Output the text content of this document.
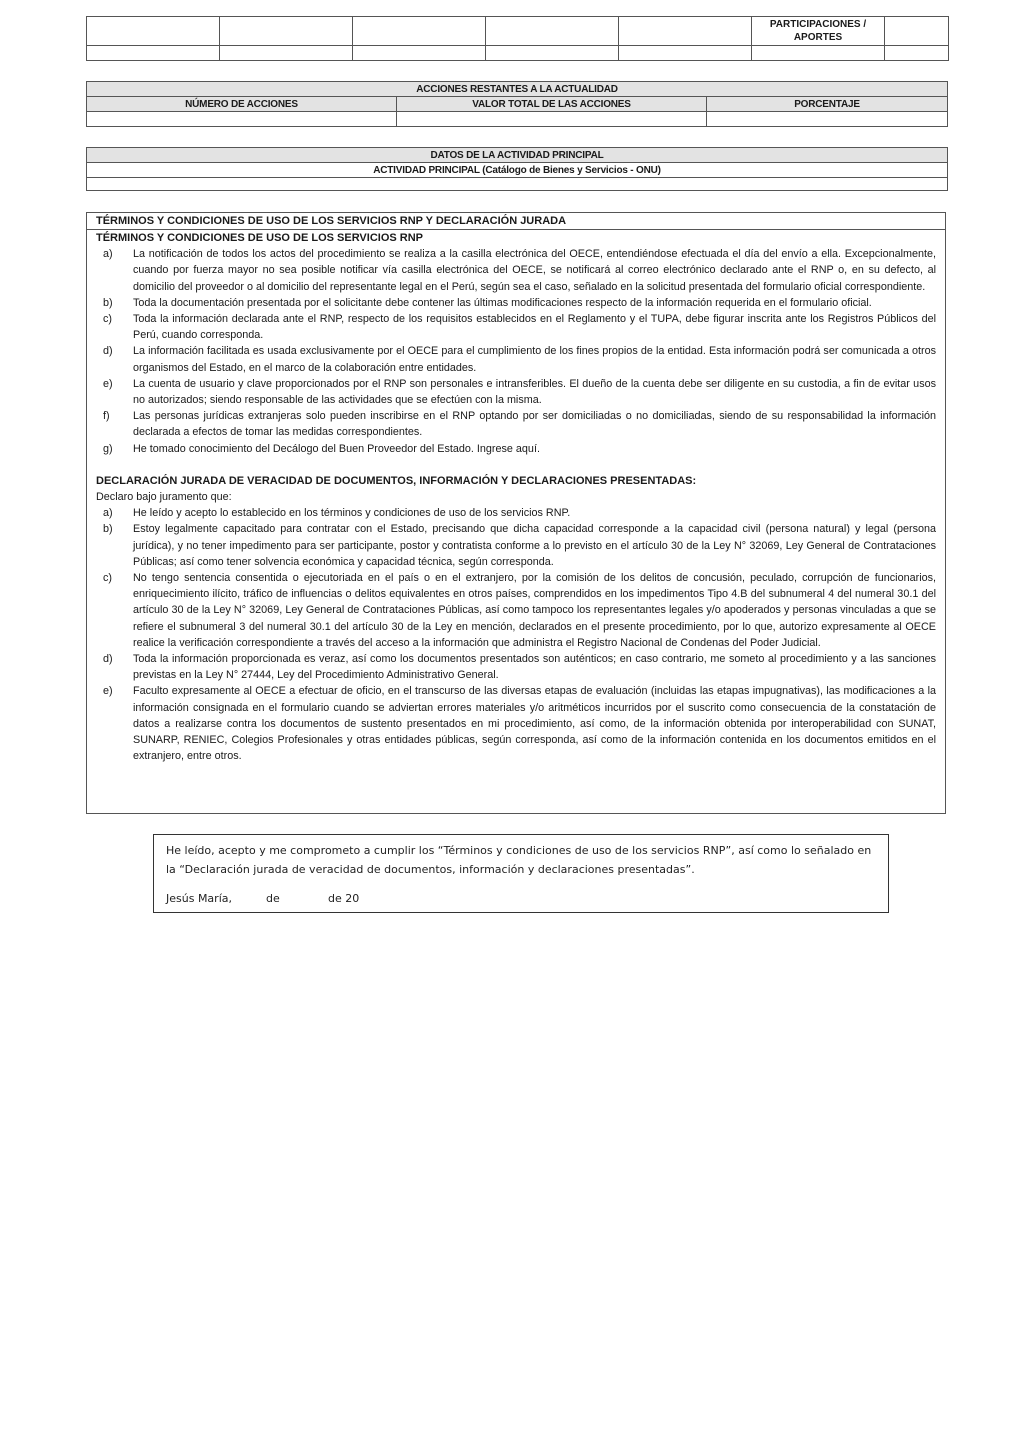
					PARTICIPACIONES / APORTES	

ACCIONES RESTANTES A LA ACTUALIDAD		
NÚMERO DE ACCIONES	VALOR TOTAL DE LAS ACCIONES	PORCENTAJE

DATOS DE LA ACTIVIDAD PRINCIPAL
ACTIVIDAD PRINCIPAL (Catálogo de Bienes y Servicios - ONU)

TÉRMINOS Y CONDICIONES DE USO DE LOS SERVICIOS RNP Y DECLARACIÓN JURADA
TÉRMINOS Y CONDICIONES DE USO DE LOS SERVICIOS RNP
a)	La notificación de todos los actos del procedimiento se realiza a la casilla electrónica del OECE, entendiéndose efectuada el día del envío a ella. Excepcionalmente, cuando por fuerza mayor no sea posible notificar vía casilla electrónica del OECE, se notificará al correo electrónico declarado ante el RNP o, en su defecto, al domicilio del proveedor o al domicilio del representante legal en el Perú, según sea el caso, señalado en la solicitud presentada del formulario oficial correspondiente.
b)	Toda la documentación presentada por el solicitante debe contener las últimas modificaciones respecto de la información requerida en el formulario oficial.
c)	Toda la información declarada ante el RNP, respecto de los requisitos establecidos en el Reglamento y el TUPA, debe figurar inscrita ante los Registros Públicos del Perú, cuando corresponda.
d)	La información facilitada es usada exclusivamente por el OECE para el cumplimiento de los fines propios de la entidad. Esta información podrá ser comunicada a otros organismos del Estado, en el marco de la colaboración entre entidades.
e)	La cuenta de usuario y clave proporcionados por el RNP son personales e intransferibles. El dueño de la cuenta debe ser diligente en su custodia, a fin de evitar usos no autorizados; siendo responsable de las actividades que se efectúen con la misma.
f)	Las personas jurídicas extranjeras solo pueden inscribirse en el RNP optando por ser domiciliadas o no domiciliadas, siendo de su responsabilidad la información declarada a efectos de tomar las medidas correspondientes.
g)	He tomado conocimiento del Decálogo del Buen Proveedor del Estado. Ingrese aquí.
DECLARACIÓN JURADA DE VERACIDAD DE DOCUMENTOS, INFORMACIÓN Y DECLARACIONES PRESENTADAS:
Declaro bajo juramento que:
a)	He leído y acepto lo establecido en los términos y condiciones de uso de los servicios RNP.
b)	Estoy legalmente capacitado para contratar con el Estado, precisando que dicha capacidad corresponde a la capacidad civil (persona natural) y legal (persona jurídica), y no tener impedimento para ser participante, postor y contratista conforme a lo previsto en el artículo 30 de la Ley N° 32069, Ley General de Contrataciones Públicas; así como tener solvencia económica y capacidad técnica, según corresponda.
c)	No tengo sentencia consentida o ejecutoriada en el país o en el extranjero, por la comisión de los delitos de concusión, peculado, corrupción de funcionarios, enriquecimiento ilícito, tráfico de influencias o delitos equivalentes en otros países, comprendidos en los impedimentos Tipo 4.B del subnumeral 4 del numeral 30.1 del artículo 30 de la Ley N° 32069, Ley General de Contrataciones Públicas, así como tampoco los representantes legales y/o apoderados y personas vinculadas a que se refiere el subnumeral 3 del numeral 30.1 del artículo 30 de la Ley en mención, declarados en el presente procedimiento, por lo que, autorizo expresamente al OECE realice la verificación correspondiente a través del acceso a la información que administra el Registro Nacional de Condenas del Poder Judicial.
d)	Toda la información proporcionada es veraz, así como los documentos presentados son auténticos; en caso contrario, me someto al procedimiento y a las sanciones previstas en la Ley N° 27444, Ley del Procedimiento Administrativo General.
e)	Faculto expresamente al OECE a efectuar de oficio, en el transcurso de las diversas etapas de evaluación (incluidas las etapas impugnativas), las modificaciones a la información consignada en el formulario cuando se adviertan errores materiales y/o aritméticos incurridos por el suscrito como consecuencia de la constatación de datos a realizarse contra los documentos de sustento presentados en mi procedimiento, así como, de la información obtenida por interoperabilidad con SUNAT, SUNARP, RENIEC, Colegios Profesionales y otras entidades públicas, según corresponda, así como de la información contenida en los documentos emitidos en el extranjero, entre otros.
He leído, acepto y me comprometo a cumplir los “Términos y condiciones de uso de los servicios RNP”, así como lo señalado en la “Declaración jurada de veracidad de documentos, información y declaraciones presentadas”.
Jesús María,	de	de 20
